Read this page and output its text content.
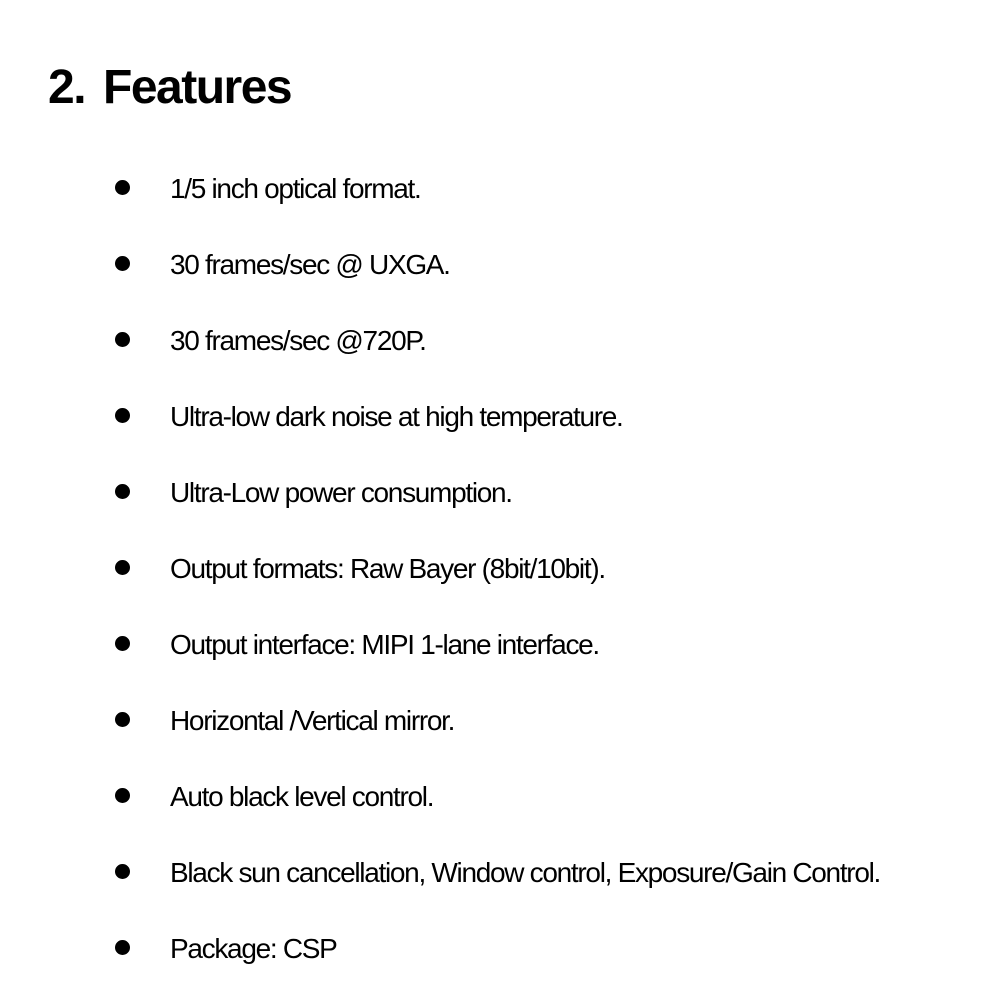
2. Features
1/5 inch optical format.
30 frames/sec @ UXGA.
30 frames/sec @720P.
Ultra-low dark noise at high temperature.
Ultra-Low power consumption.
Output formats: Raw Bayer (8bit/10bit).
Output interface: MIPI 1-lane interface.
Horizontal /Vertical mirror.
Auto black level control.
Black sun cancellation, Window control, Exposure/Gain Control.
Package: CSP
